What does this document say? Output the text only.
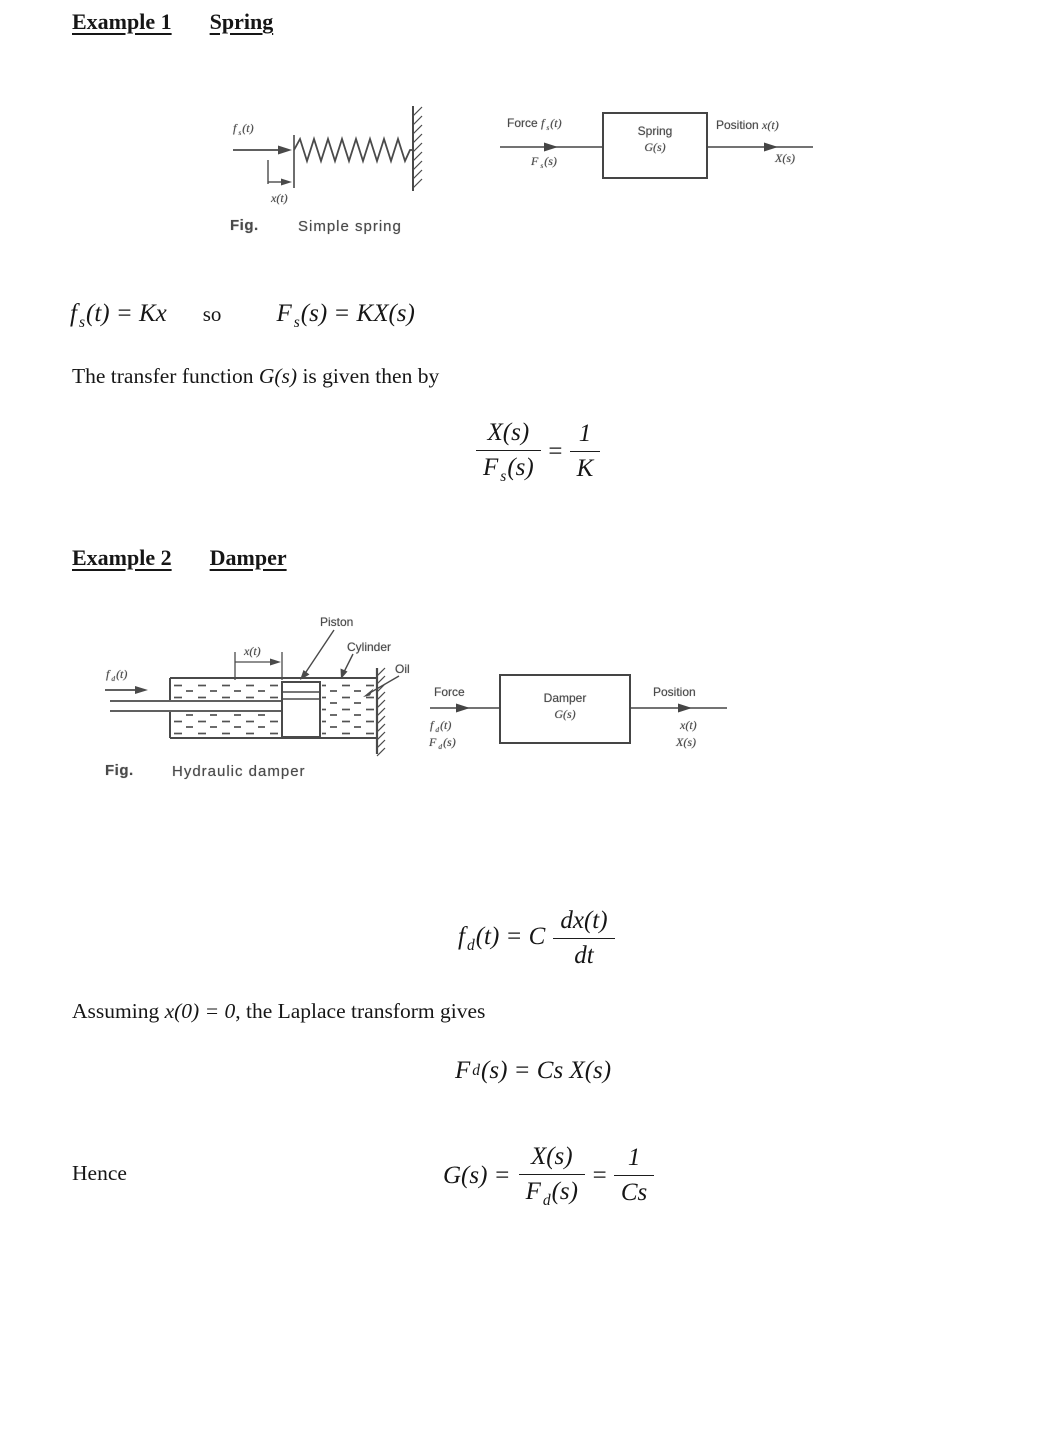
Example 1 Spring
f $_s$(t)
x(t)
Fig.	Simple spring
Force f $_s$(t)
F $_s$(s)
Spring
G(s)
Position x(t)
X(s)
f $_s$(t) = Kx so F $_s$(s) = KX(s)
The transfer function G(s) is given then by
$\frac{X(s)}{F _s(s)} = \frac{1}{K}$
Example 2 Damper
Piston
Cylinder
Oil
x(t)
f $_d$(t)
Fig.	Hydraulic damper
Force
f $_d$(t)
F $_d$(s)
Damper
G(s)
Position
x(t)
X(s)
f $_d$(t) = C $\frac{dx(t)}{dt}$
Assuming x(0) = 0, the Laplace transform gives
F d (s) = Cs X(s)
Hence	$G(s) = \frac{X(s)}{F _d(s)} = \frac{1}{Cs}$
